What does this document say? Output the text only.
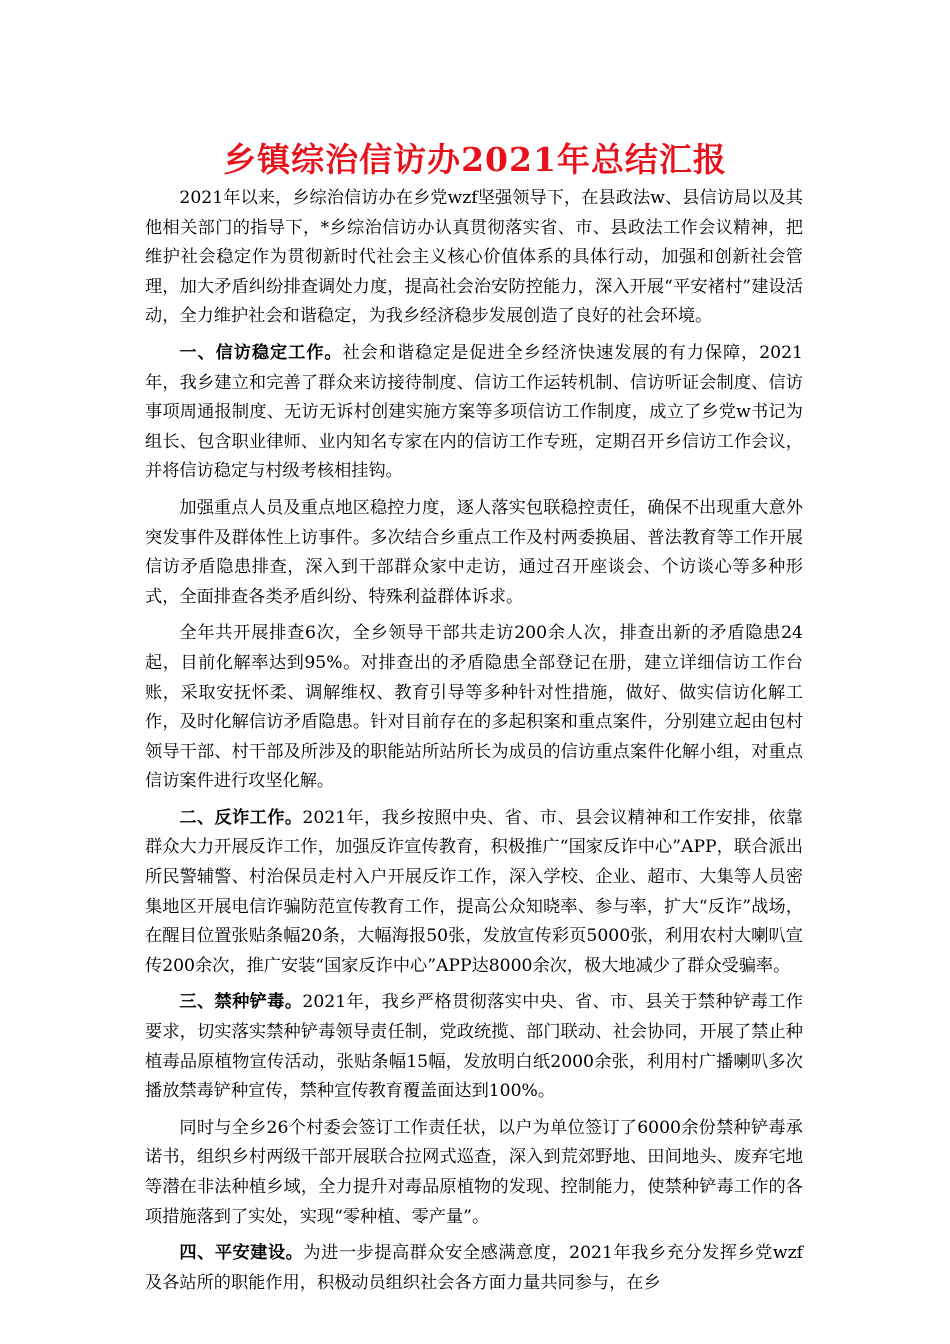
乡镇综治信访办2021年总结汇报

2021年以来，乡综治信访办在乡党wzf坚强领导下，在县政法w、县信访局以及其他相关部门的指导下，*乡综治信访办认真贯彻落实省、市、县政法工作会议精神，把维护社会稳定作为贯彻新时代社会主义核心价值体系的具体行动，加强和创新社会管理，加大矛盾纠纷排查调处力度，提高社会治安防控能力，深入开展“平安褚村”建设活动，全力维护社会和谐稳定，为我乡经济稳步发展创造了良好的社会环境。

一、信访稳定工作。社会和谐稳定是促进全乡经济快速发展的有力保障，2021年，我乡建立和完善了群众来访接待制度、信访工作运转机制、信访听证会制度、信访事项周通报制度、无访无诉村创建实施方案等多项信访工作制度，成立了乡党w书记为组长、包含职业律师、业内知名专家在内的信访工作专班，定期召开乡信访工作会议，并将信访稳定与村级考核相挂钩。

加强重点人员及重点地区稳控力度，逐人落实包联稳控责任，确保不出现重大意外突发事件及群体性上访事件。多次结合乡重点工作及村两委换届、普法教育等工作开展信访矛盾隐患排查，深入到干部群众家中走访，通过召开座谈会、个访谈心等多种形式，全面排查各类矛盾纠纷、特殊利益群体诉求。

全年共开展排查6次，全乡领导干部共走访200余人次，排查出新的矛盾隐患24起，目前化解率达到95%。对排查出的矛盾隐患全部登记在册，建立详细信访工作台账，采取安抚怀柔、调解维权、教育引导等多种针对性措施，做好、做实信访化解工作，及时化解信访矛盾隐患。针对目前存在的多起积案和重点案件，分别建立起由包村领导干部、村干部及所涉及的职能站所站所长为成员的信访重点案件化解小组，对重点信访案件进行攻坚化解。

二、反诈工作。2021年，我乡按照中央、省、市、县会议精神和工作安排，依靠群众大力开展反诈工作，加强反诈宣传教育，积极推广“国家反诈中心”APP，联合派出所民警辅警、村治保员走村入户开展反诈工作，深入学校、企业、超市、大集等人员密集地区开展电信诈骗防范宣传教育工作，提高公众知晓率、参与率，扩大“反诈”战场，在醒目位置张贴条幅20条，大幅海报50张，发放宣传彩页5000张，利用农村大喇叭宣传200余次，推广安装“国家反诈中心”APP达8000余次，极大地减少了群众受骗率。

三、禁种铲毒。2021年，我乡严格贯彻落实中央、省、市、县关于禁种铲毒工作要求，切实落实禁种铲毒领导责任制，党政统揽、部门联动、社会协同，开展了禁止种植毒品原植物宣传活动，张贴条幅15幅，发放明白纸2000余张，利用村广播喇叭多次播放禁毒铲种宣传，禁种宣传教育覆盖面达到100%。

同时与全乡26个村委会签订工作责任状，以户为单位签订了6000余份禁种铲毒承诺书，组织乡村两级干部开展联合拉网式巡查，深入到荒郊野地、田间地头、废弃宅地等潜在非法种植乡域，全力提升对毒品原植物的发现、控制能力，使禁种铲毒工作的各项措施落到了实处，实现“零种植、零产量”。

四、平安建设。为进一步提高群众安全感满意度，2021年我乡充分发挥乡党wzf及各站所的职能作用，积极动员组织社会各方面力量共同参与，在乡
